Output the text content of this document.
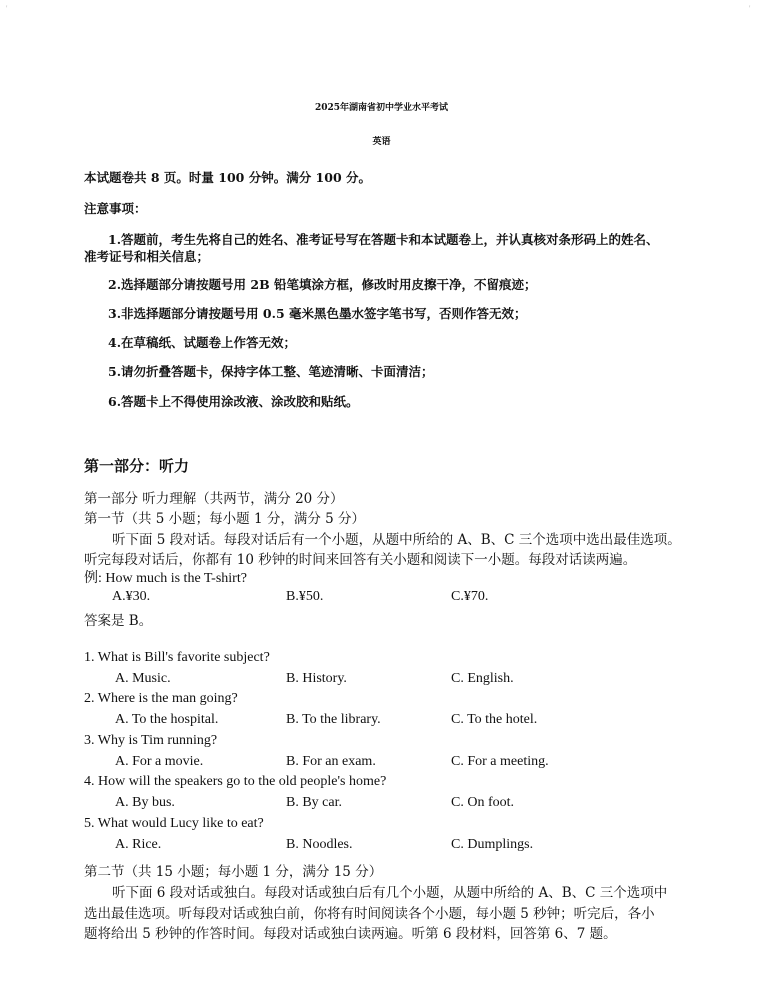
'	'
2025年湖南省初中学业水平考试
英语
本试题卷共 8 页。时量 100 分钟。满分 100 分。
注意事项：
1.答题前，考生先将自己的姓名、准考证号写在答题卡和本试题卷上，并认真核对条形码上的姓名、
准考证号和相关信息；
2.选择题部分请按题号用 2B 铅笔填涂方框，修改时用皮擦干净，不留痕迹；
3.非选择题部分请按题号用 0.5 毫米黑色墨水签字笔书写，否则作答无效；
4.在草稿纸、试题卷上作答无效；
5.请勿折叠答题卡，保持字体工整、笔迹清晰、卡面清洁；
6.答题卡上不得使用涂改液、涂改胶和贴纸。
第一部分：听力
第一部分 听力理解（共两节，满分 20 分）
第一节（共 5 小题；每小题 1 分，满分 5 分）
听下面 5 段对话。每段对话后有一个小题，从题中所给的 A、B、C 三个选项中选出最佳选项。
听完每段对话后，你都有 10 秒钟的时间来回答有关小题和阅读下一小题。每段对话读两遍。
例: How much is the T-shirt?
A.¥30.	B.¥50.	C.¥70.
答案是 B。
1. What is Bill's favorite subject?
A. Music.	B. History.	C. English.
2. Where is the man going?
A. To the hospital.	B. To the library.	C. To the hotel.
3. Why is Tim running?
A. For a movie.	B. For an exam.	C. For a meeting.
4. How will the speakers go to the old people's home?
A. By bus.	B. By car.	C. On foot.
5. What would Lucy like to eat?
A. Rice.	B. Noodles.	C. Dumplings.
第二节（共 15 小题；每小题 1 分，满分 15 分）
听下面 6 段对话或独白。每段对话或独白后有几个小题，从题中所给的 A、B、C 三个选项中
选出最佳选项。听每段对话或独白前，你将有时间阅读各个小题，每小题 5 秒钟；听完后，各小
题将给出 5 秒钟的作答时间。每段对话或独白读两遍。听第 6 段材料，回答第 6、7 题。
